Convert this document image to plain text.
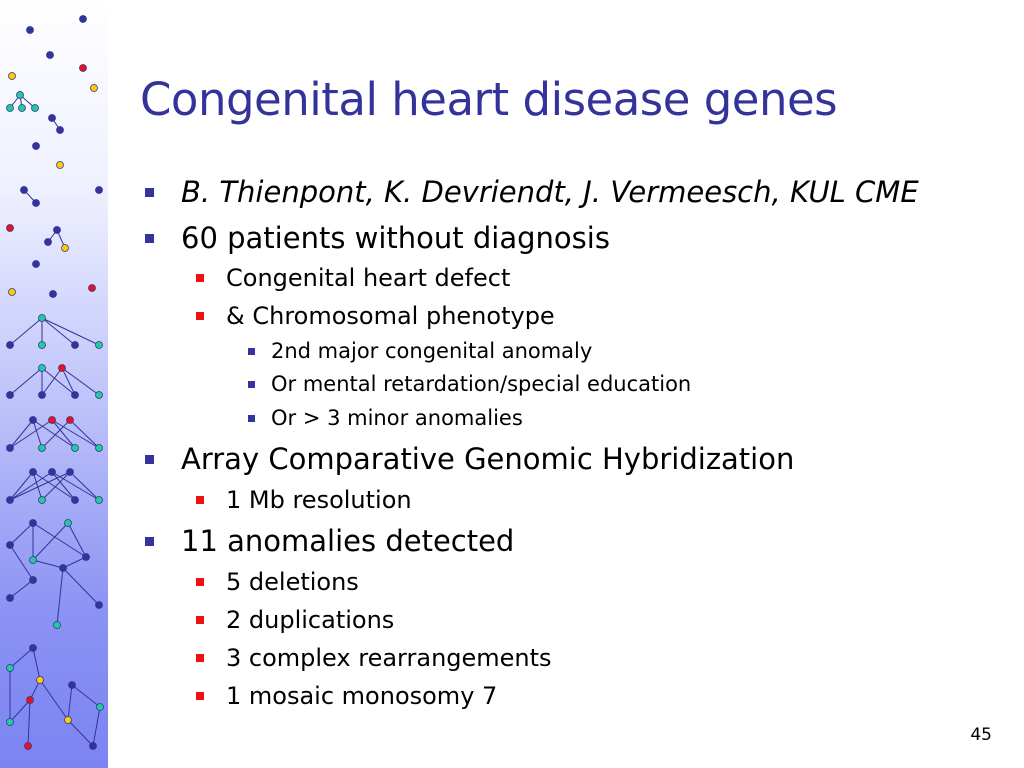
Congenital heart disease genes
B. Thienpont, K. Devriendt, J. Vermeesch, KUL CME
60 patients without diagnosis
Congenital heart defect
& Chromosomal phenotype
2nd major congenital anomaly
Or mental retardation/special education
Or > 3 minor anomalies
Array Comparative Genomic Hybridization
1 Mb resolution
11 anomalies detected
5 deletions
2 duplications
3 complex rearrangements
1 mosaic monosomy 7
45
